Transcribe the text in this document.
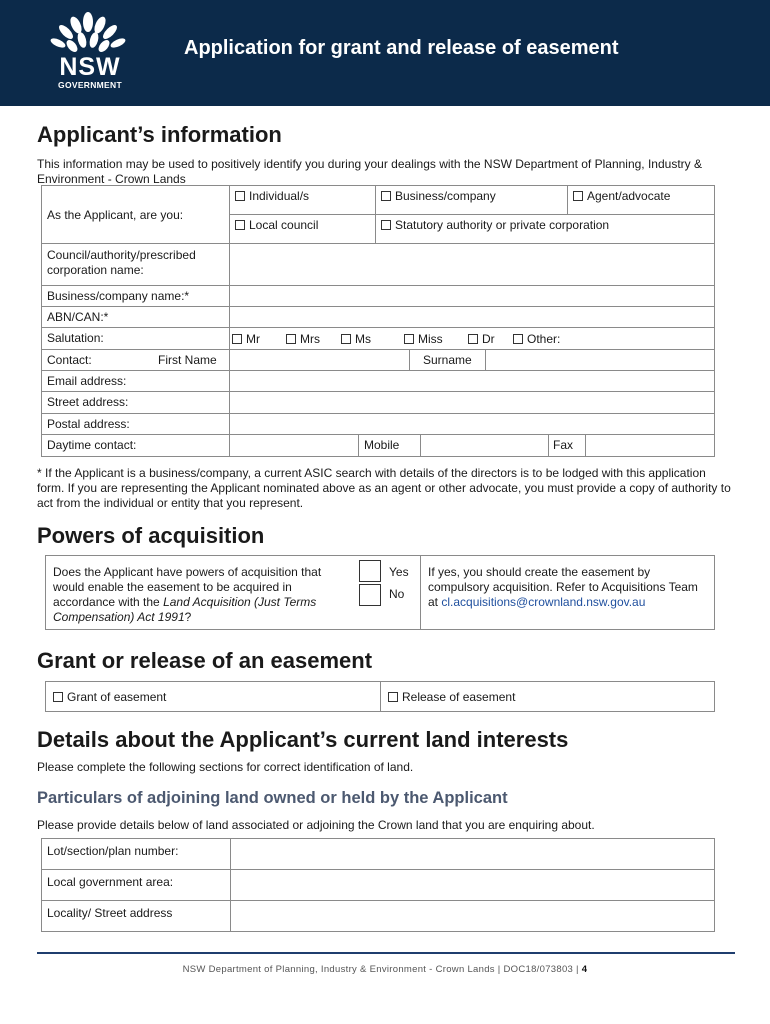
NSW
GOVERNMENT
Application for grant and release of easement
Applicant’s information
This information may be used to positively identify you during your dealings with the NSW Department of Planning, Industry & Environment - Crown Lands
As the Applicant, are you:
Individual/s	Business/company	Agent/advocate
Local council	Statutory authority or private corporation
Council/authority/prescribed corporation name:
Business/company name:*
ABN/CAN:*
Salutation:	Mr	Mrs	Ms	Miss	Dr	Other:
Contact:	First Name	Surname
Email address:
Street address:
Postal address:
Daytime contact:	Mobile	Fax
* If the Applicant is a business/company, a current ASIC search with details of the directors is to be lodged with this application form. If you are representing the Applicant nominated above as an agent or other advocate, you must provide a copy of authority to act from the individual or entity that you represent.
Powers of acquisition
Does the Applicant have powers of acquisition that would enable the easement to be acquired in accordance with the Land Acquisition (Just Terms Compensation) Act 1991?
Yes
No
If yes, you should create the easement by compulsory acquisition. Refer to Acquisitions Team at cl.acquisitions@crownland.nsw.gov.au
Grant or release of an easement
Grant of easement	Release of easement
Details about the Applicant’s current land interests
Please complete the following sections for correct identification of land.
Particulars of adjoining land owned or held by the Applicant
Please provide details below of land associated or adjoining the Crown land that you are enquiring about.
Lot/section/plan number:
Local government area:
Locality/ Street address
NSW Department of Planning, Industry & Environment - Crown Lands | DOC18/073803 | 4
